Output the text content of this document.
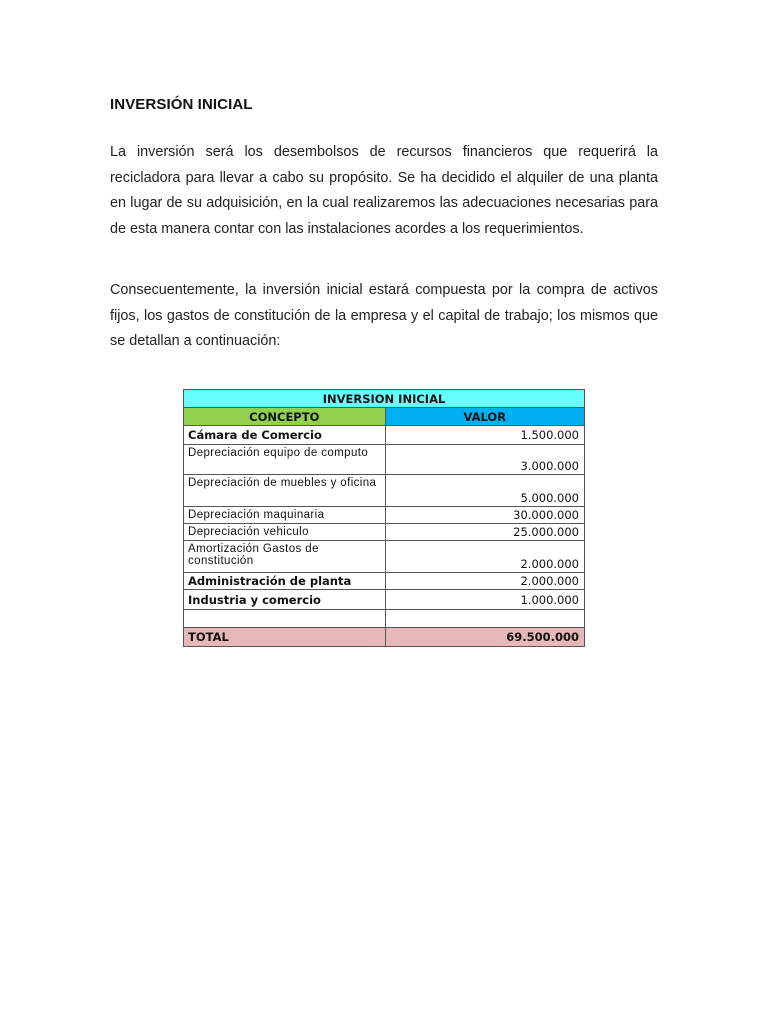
INVERSIÓN INICIAL

La inversión será los desembolsos de recursos financieros que requerirá la recicladora para llevar a cabo su propósito. Se ha decidido el alquiler de una planta en lugar de su adquisición, en la cual realizaremos las adecuaciones necesarias para de esta manera contar con las instalaciones acordes a los requerimientos.

Consecuentemente, la inversión inicial estará compuesta por la compra de activos fijos, los gastos de constitución de la empresa y el capital de trabajo; los mismos que se detallan a continuación:

INVERSION INICIAL	
CONCEPTO	VALOR
Cámara de Comercio	1.500.000
Depreciación equipo de computo	3.000.000
Depreciación de muebles y oficina	5.000.000
Depreciación maquinaria	30.000.000
Depreciación vehiculo	25.000.000
Amortización Gastos de constitución	2.000.000
Administración de planta	2.000.000
Industria y comercio	1.000.000

TOTAL	69.500.000
